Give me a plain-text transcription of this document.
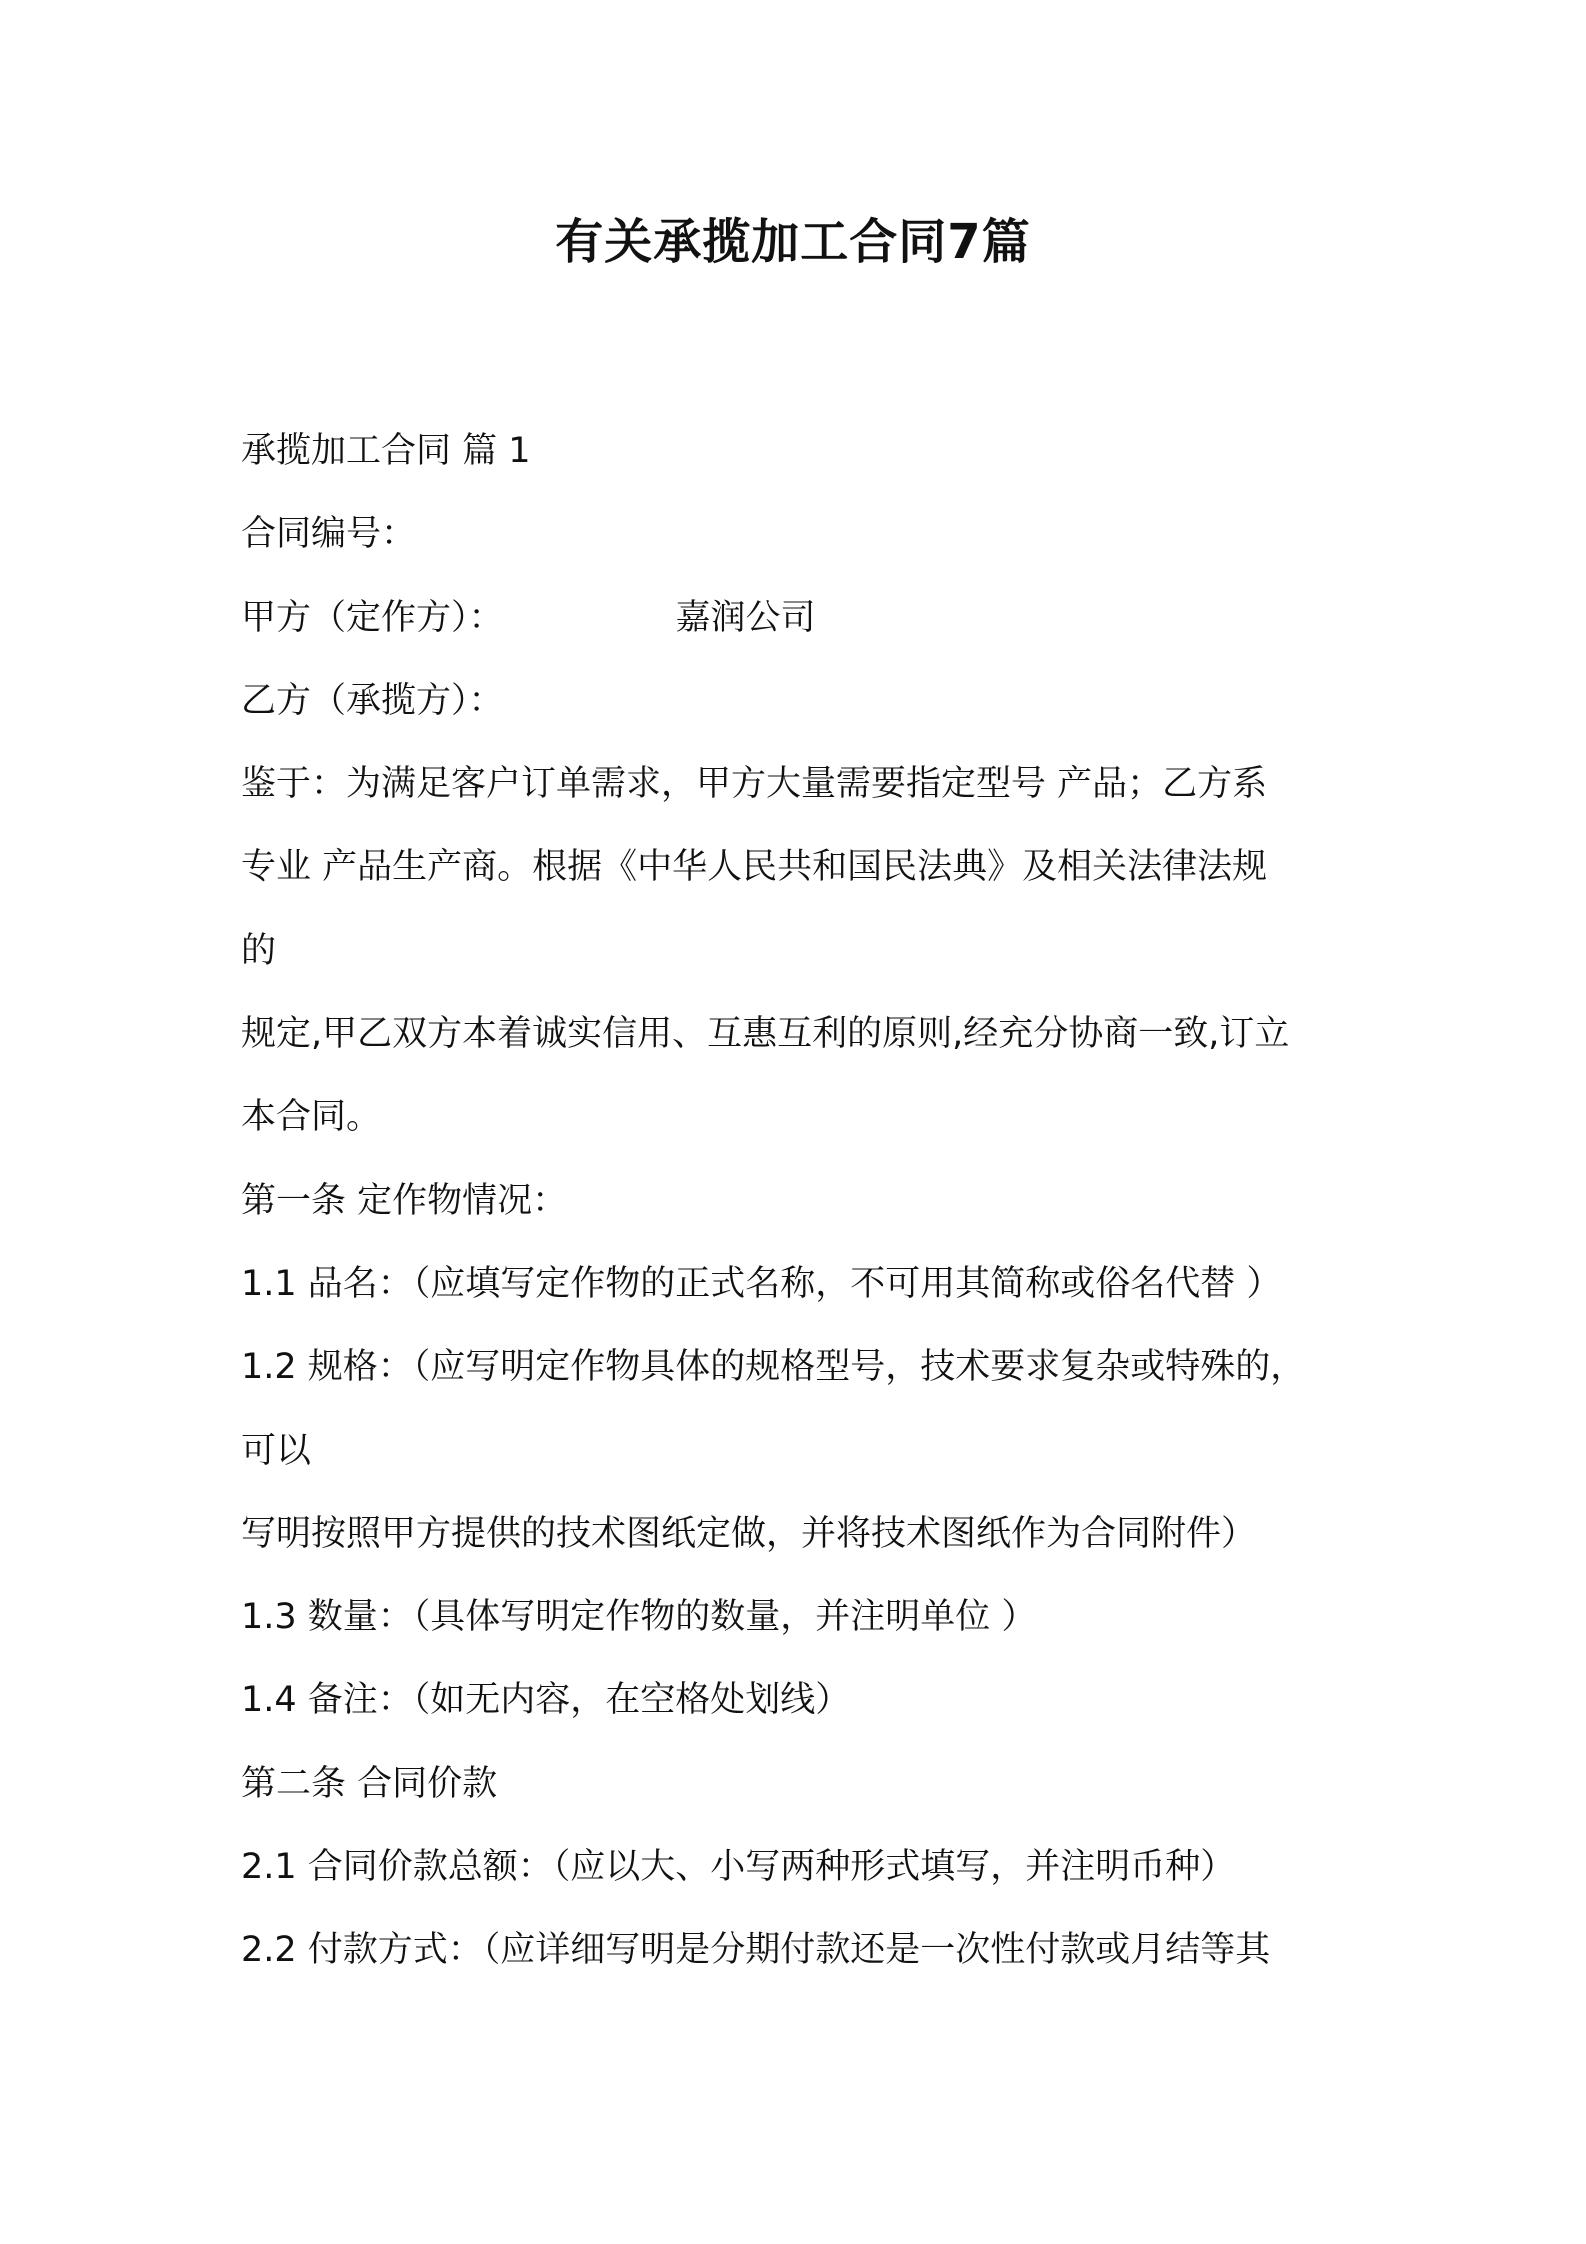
有关承揽加工合同7篇
承揽加工合同 篇 1
合同编号：
甲方（定作方）：	嘉润公司
乙方（承揽方）：
鉴于：为满足客户订单需求，甲方大量需要指定型号 产品；乙方系
专业 产品生产商。根据《中华人民共和国民法典》及相关法律法规
的
规定,甲乙双方本着诚实信用、互惠互利的原则,经充分协商一致,订立
本合同。
第一条 定作物情况：
1.1 品名：（应填写定作物的正式名称，不可用其简称或俗名代替 ）
1.2 规格：（应写明定作物具体的规格型号，技术要求复杂或特殊的，
可以
写明按照甲方提供的技术图纸定做，并将技术图纸作为合同附件）
1.3 数量：（具体写明定作物的数量，并注明单位 ）
1.4 备注：（如无内容，在空格处划线）
第二条 合同价款
2.1 合同价款总额：（应以大、小写两种形式填写，并注明币种）
2.2 付款方式：（应详细写明是分期付款还是一次性付款或月结等其
